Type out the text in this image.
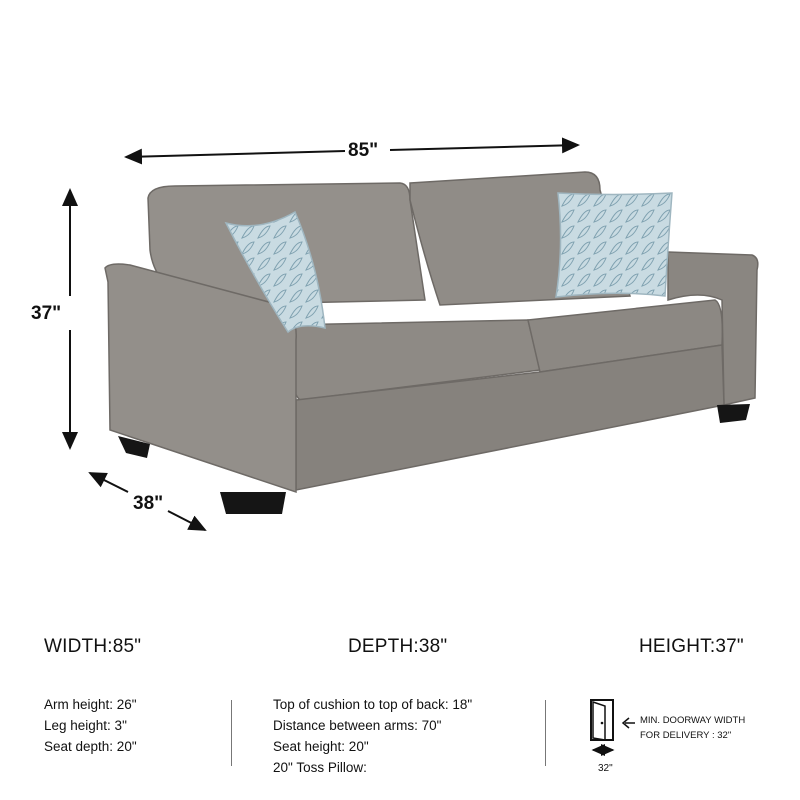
85"
37"
38"
WIDTH:85"	DEPTH:38"	HEIGHT:37"
Arm height: 26"
Leg height: 3"
Seat depth: 20"
Top of cushion to top of back: 18"
Distance between arms: 70"
Seat height: 20"
20" Toss Pillow:
MIN. DOORWAY WIDTH
FOR DELIVERY : 32"
32"
